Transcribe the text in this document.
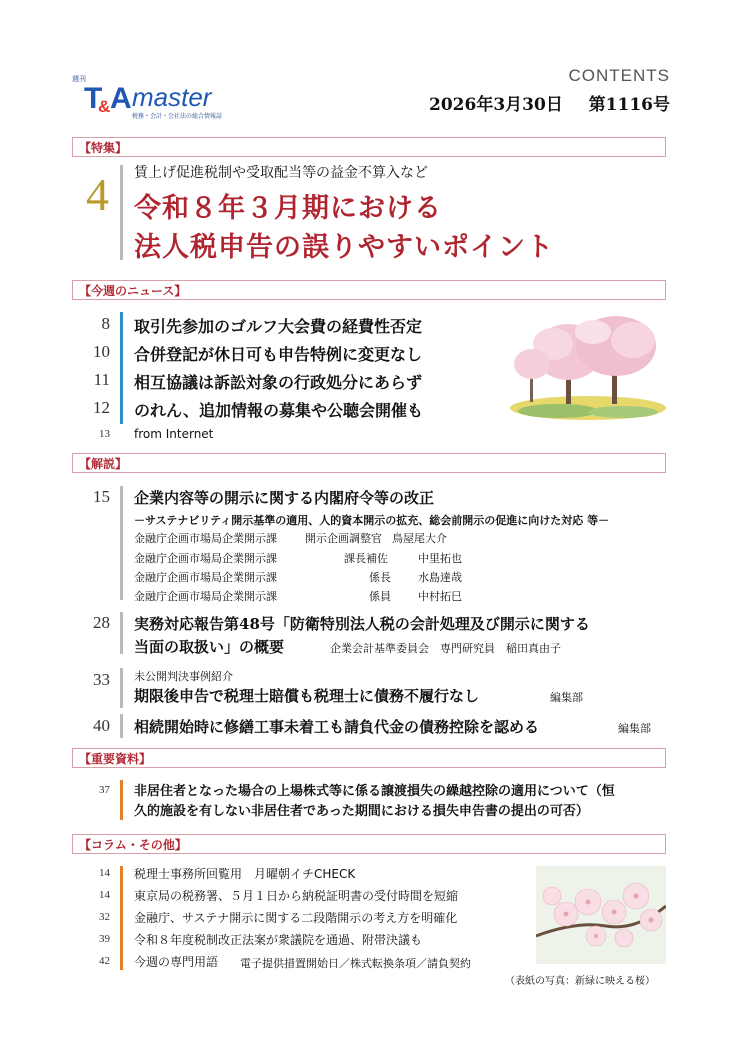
週刊
T
& A master
税務・会計・会社法の総合情報誌
CONTENTS
2026年3月30日 第1116号
【特集】
4 賃上げ促進税制や受取配当等の益金不算入など
令和８年３月期における
法人税申告の誤りやすいポイント
【今週のニュース】
8 取引先参加のゴルフ大会費の経費性否定
10 合併登記が休日可も申告特例に変更なし
11 相互協議は訴訟対象の行政処分にあらず
12 のれん、追加情報の募集や公聴会開催も
13 from Internet
【解説】
15 企業内容等の開示に関する内閣府令等の改正
－サステナビリティ開示基準の適用、人的資本開示の拡充、総会前開示の促進に向けた対応 等－
金融庁企画市場局企業開示課	開示企画調整官 鳥屋尾大介
金融庁企画市場局企業開示課	課長補佐	中里拓也
金融庁企画市場局企業開示課	係長 水島達哉
金融庁企画市場局企業開示課	係員 中村拓巳
28 実務対応報告第48号「防衛特別法人税の会計処理及び開示に関する
当面の取扱い」の概要	企業会計基準委員会　専門研究員　稲田真由子
33 未公開判決事例紹介
期限後申告で税理士賠償も税理士に債務不履行なし	編集部
40 相続開始時に修繕工事未着工も請負代金の債務控除を認める	編集部
【重要資料】
37 非居住者となった場合の上場株式等に係る譲渡損失の繰越控除の適用について（恒
久的施設を有しない非居住者であった期間における損失申告書の提出の可否）
【コラム・その他】
14 税理士事務所回覧用　月曜朝イチCHECK
14 東京局の税務署、５月１日から納税証明書の受付時間を短縮
32 金融庁、サステナ開示に関する二段階開示の考え方を明確化
39 令和８年度税制改正法案が衆議院を通過、附帯決議も
42 今週の専門用語 電子提供措置開始日／株式転換条項／請負契約
（表紙の写真：新緑に映える桜）
